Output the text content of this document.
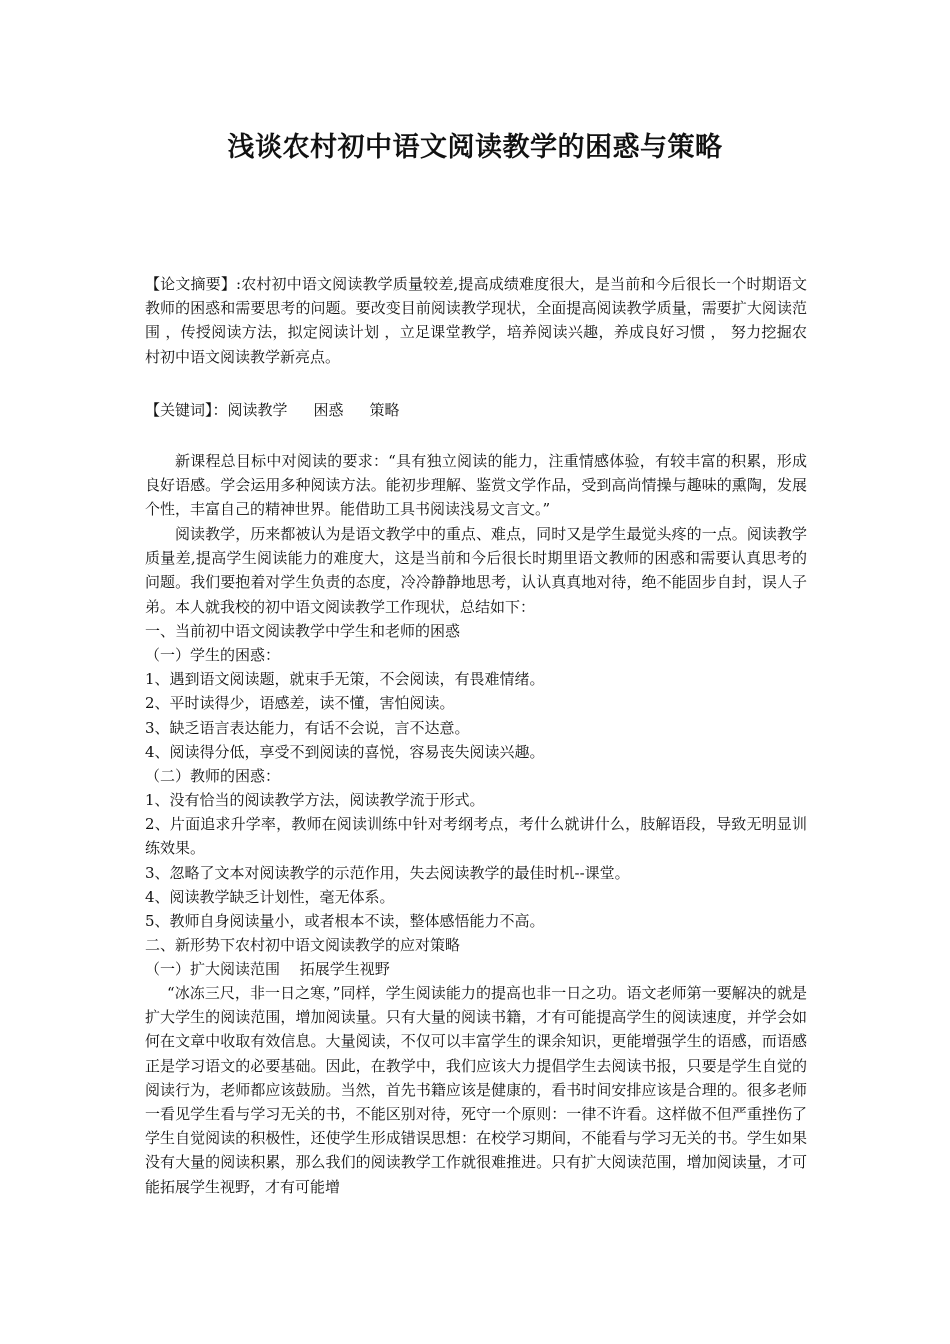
浅谈农村初中语文阅读教学的困惑与策略

【论文摘要】:农村初中语文阅读教学质量较差,提高成绩难度很大，是当前和今后很长一个时期语文教师的困惑和需要思考的问题。要改变目前阅读教学现状，全面提高阅读教学质量，需要扩大阅读范围 ，传授阅读方法，拟定阅读计划 ，立足课堂教学，培养阅读兴趣，养成良好习惯 ， 努力挖掘农村初中语文阅读教学新亮点。

【关键词】：阅读教学 困惑 策略

新课程总目标中对阅读的要求：“具有独立阅读的能力，注重情感体验，有较丰富的积累，形成良好语感。学会运用多种阅读方法。能初步理解、鉴赏文学作品，受到高尚情操与趣味的熏陶，发展个性，丰富自己的精神世界。能借助工具书阅读浅易文言文。”

阅读教学，历来都被认为是语文教学中的重点、难点，同时又是学生最觉头疼的一点。阅读教学质量差,提高学生阅读能力的难度大，这是当前和今后很长时期里语文教师的困惑和需要认真思考的问题。我们要抱着对学生负责的态度，冷冷静静地思考，认认真真地对待，绝不能固步自封，误人子弟。本人就我校的初中语文阅读教学工作现状，总结如下：

一、当前初中语文阅读教学中学生和老师的困惑

（一）学生的困惑：

1、遇到语文阅读题，就束手无策，不会阅读，有畏难情绪。

2、平时读得少，语感差，读不懂，害怕阅读。

3、缺乏语言表达能力，有话不会说，言不达意。

4、阅读得分低，享受不到阅读的喜悦，容易丧失阅读兴趣。

（二）教师的困惑：

1、没有恰当的阅读教学方法，阅读教学流于形式。

2、片面追求升学率，教师在阅读训练中针对考纲考点，考什么就讲什么，肢解语段，导致无明显训练效果。

3、忽略了文本对阅读教学的示范作用，失去阅读教学的最佳时机--课堂。

4、阅读教学缺乏计划性，毫无体系。

5、教师自身阅读量小，或者根本不读，整体感悟能力不高。

二、新形势下农村初中语文阅读教学的应对策略

（一）扩大阅读范围　 拓展学生视野

“冰冻三尺，非一日之寒，”同样，学生阅读能力的提高也非一日之功。语文老师第一要解决的就是扩大学生的阅读范围，增加阅读量。只有大量的阅读书籍，才有可能提高学生的阅读速度，并学会如何在文章中收取有效信息。大量阅读，不仅可以丰富学生的课余知识，更能增强学生的语感，而语感正是学习语文的必要基础。因此，在教学中，我们应该大力提倡学生去阅读书报，只要是学生自觉的阅读行为，老师都应该鼓励。当然，首先书籍应该是健康的，看书时间安排应该是合理的。很多老师一看见学生看与学习无关的书，不能区别对待，死守一个原则：一律不许看。这样做不但严重挫伤了学生自觉阅读的积极性，还使学生形成错误思想：在校学习期间，不能看与学习无关的书。学生如果没有大量的阅读积累，那么我们的阅读教学工作就很难推进。只有扩大阅读范围，增加阅读量，才可能拓展学生视野，才有可能增
